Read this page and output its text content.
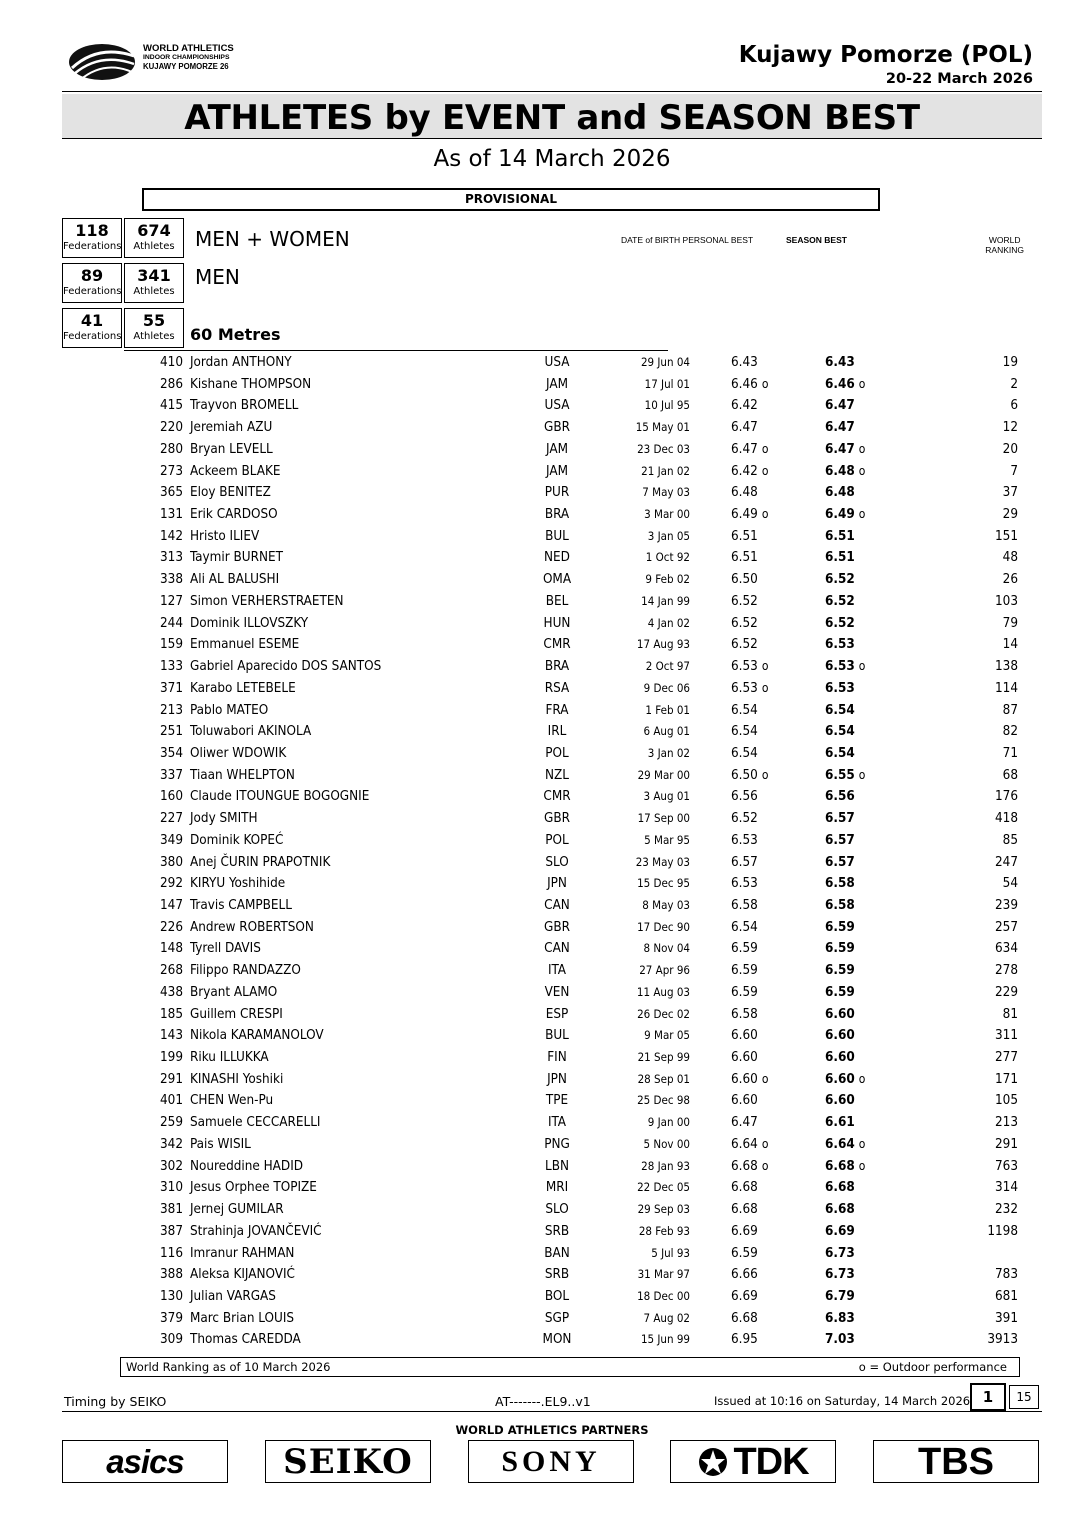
WORLD ATHLETICS
INDOOR CHAMPIONSHIPS
KUJAWY POMORZE 26	Kujawy Pomorze (POL)
20-22 March 2026
ATHLETES by EVENT and SEASON BEST
As of 14 March 2026
PROVISIONAL
118
Federations
674
Athletes	MEN + WOMEN
89
Federations
341
Athletes
MEN
41
Federations
55
Athletes 60 Metres
DATE of BIRTH PERSONAL BEST	SEASON BEST	WORLD
RANKING
410 Jordan ANTHONY	USA	29 Jun 04	6.43	6.43	19
286 Kishane THOMPSON	JAM	17 Jul 01	6.46 o	6.46 o	2
415 Trayvon BROMELL	USA	10 Jul 95	6.42	6.47	6
220 Jeremiah AZU	GBR	15 May 01	6.47	6.47	12
280 Bryan LEVELL	JAM	23 Dec 03	6.47 o	6.47 o	20
273 Ackeem BLAKE	JAM	21 Jan 02	6.42 o	6.48 o	7
365 Eloy BENITEZ	PUR	7 May 03	6.48	6.48	37
131 Erik CARDOSO	BRA	3 Mar 00	6.49 o	6.49 o	29
142 Hristo ILIEV	BUL	3 Jan 05	6.51	6.51	151
313 Taymir BURNET	NED	1 Oct 92	6.51	6.51	48
338 Ali AL BALUSHI	OMA	9 Feb 02	6.50	6.52	26
127 Simon VERHERSTRAETEN	BEL	14 Jan 99	6.52	6.52	103
244 Dominik ILLOVSZKY	HUN	4 Jan 02	6.52	6.52	79
159 Emmanuel ESEME	CMR	17 Aug 93	6.52	6.53	14
133 Gabriel Aparecido DOS SANTOS	BRA	2 Oct 97	6.53 o	6.53 o	138
371 Karabo LETEBELE	RSA	9 Dec 06	6.53 o	6.53	114
213 Pablo MATEO	FRA	1 Feb 01	6.54	6.54	87
251 Toluwabori AKINOLA	IRL	6 Aug 01	6.54	6.54	82
354 Oliwer WDOWIK	POL	3 Jan 02	6.54	6.54	71
337 Tiaan WHELPTON	NZL	29 Mar 00	6.50 o	6.55 o	68
160 Claude ITOUNGUE BOGOGNIE	CMR	3 Aug 01	6.56	6.56	176
227 Jody SMITH	GBR	17 Sep 00	6.52	6.57	418
349 Dominik KOPEĆ	POL	5 Mar 95	6.53	6.57	85
380 Anej ČURIN PRAPOTNIK	SLO	23 May 03	6.57	6.57	247
292 KIRYU Yoshihide	JPN	15 Dec 95	6.53	6.58	54
147 Travis CAMPBELL	CAN	8 May 03	6.58	6.58	239
226 Andrew ROBERTSON	GBR	17 Dec 90	6.54	6.59	257
148 Tyrell DAVIS	CAN	8 Nov 04	6.59	6.59	634
268 Filippo RANDAZZO	ITA	27 Apr 96	6.59	6.59	278
438 Bryant ALAMO	VEN	11 Aug 03	6.59	6.59	229
185 Guillem CRESPI	ESP	26 Dec 02	6.58	6.60	81
143 Nikola KARAMANOLOV	BUL	9 Mar 05	6.60	6.60	311
199 Riku ILLUKKA	FIN	21 Sep 99	6.60	6.60	277
291 KINASHI Yoshiki	JPN	28 Sep 01	6.60 o	6.60 o	171
401 CHEN Wen-Pu	TPE	25 Dec 98	6.60	6.60	105
259 Samuele CECCARELLI	ITA	9 Jan 00	6.47	6.61	213
342 Pais WISIL	PNG	5 Nov 00	6.64 o	6.64 o	291
302 Noureddine HADID	LBN	28 Jan 93	6.68 o	6.68 o	763
310 Jesus Orphee TOPIZE	MRI	22 Dec 05	6.68	6.68	314
381 Jernej GUMILAR	SLO	29 Sep 03	6.68	6.68	232
387 Strahinja JOVANČEVIĆ	SRB	28 Feb 93	6.69	6.69	1198
116 Imranur RAHMAN	BAN	5 Jul 93	6.59	6.73
388 Aleksa KIJANOVIĆ	SRB	31 Mar 97	6.66	6.73	783
130 Julian VARGAS	BOL	18 Dec 00	6.69	6.79	681
379 Marc Brian LOUIS	SGP	7 Aug 02	6.68	6.83	391
309 Thomas CAREDDA	MON	15 Jun 99	6.95	7.03	3913
World Ranking as of 10 March 2026	o = Outdoor performance
Timing by SEIKO	AT-------.EL9..v1	Issued at 10:16 on Saturday, 14 March 2026 1	15
WORLD ATHLETICS PARTNERS
asics	SEIKO	SONY	TDK	TBS
